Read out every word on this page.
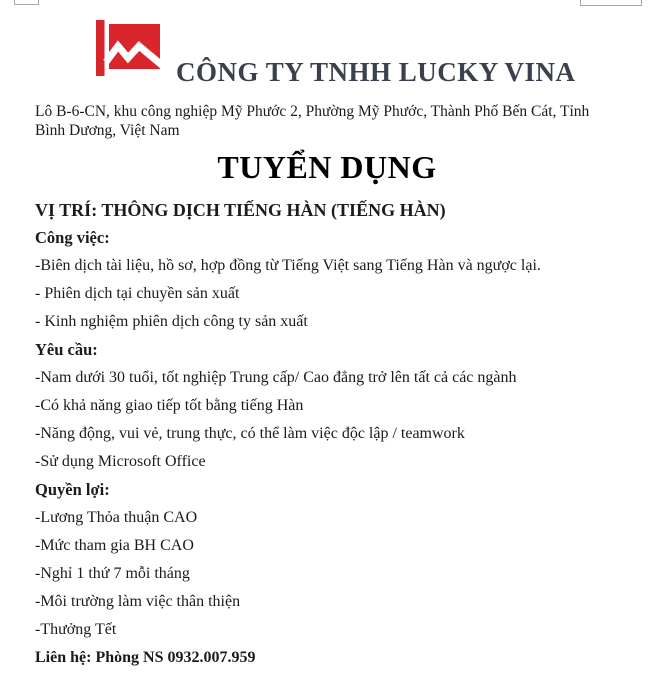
CÔNG TY TNHH LUCKY VINA
Lô B-6-CN, khu công nghiệp Mỹ Phước 2, Phường Mỹ Phước, Thành Phố Bến Cát, Tỉnh Bình Dương, Việt Nam
TUYỂN DỤNG
VỊ TRÍ: THÔNG DỊCH TIẾNG HÀN (TIẾNG HÀN)

Công việc:

-Biên dịch tài liệu, hồ sơ, hợp đồng từ Tiếng Việt sang Tiếng Hàn và ngược lại.

- Phiên dịch tại chuyền sản xuất

- Kinh nghiệm phiên dịch công ty sản xuất

Yêu cầu:

-Nam dưới 30 tuổi, tốt nghiệp Trung cấp/ Cao đẳng trở lên tất cả các ngành

-Có khả năng giao tiếp tốt bằng tiếng Hàn

-Năng động, vui vẻ, trung thực, có thể làm việc độc lập / teamwork

-Sử dụng Microsoft Office

Quyền lợi:

-Lương Thỏa thuận CAO

-Mức tham gia BH CAO

-Nghỉ 1 thứ 7 mỗi tháng

-Môi trường làm việc thân thiện

-Thưởng Tết

Liên hệ: Phòng NS 0932.007.959
